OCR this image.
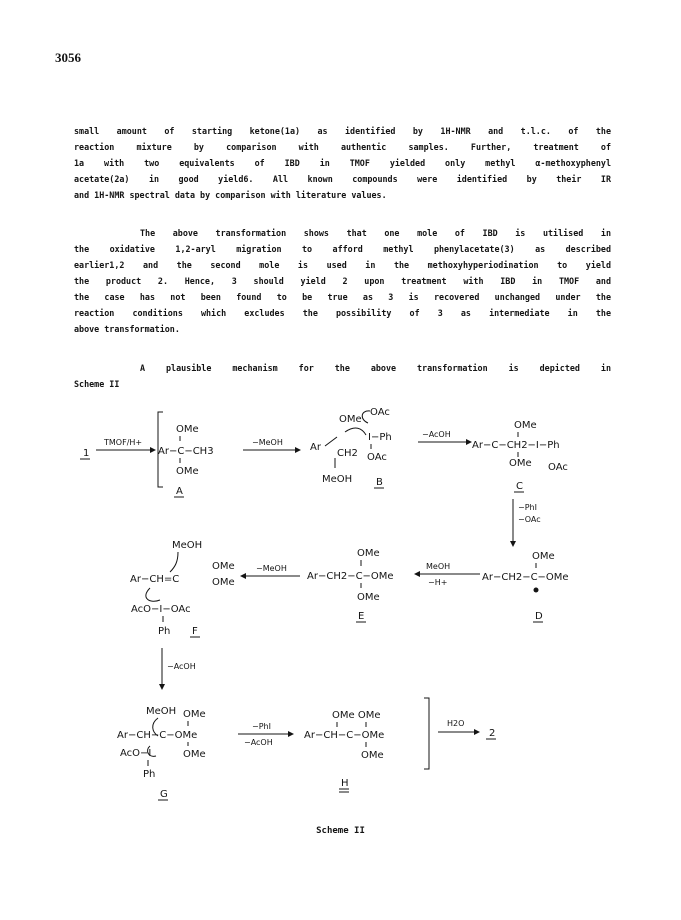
3056
small amount of starting ketone(1a) as identified by 1H-NMR and t.l.c. of the
reaction mixture by comparison with authentic samples. Further, treatment of
1a with two equivalents of IBD in TMOF yielded only methyl α-methoxyphenyl
acetate(2a) in good yield6. All known compounds were identified by their IR
and 1H-NMR spectral data by comparison with literature values.
The above transformation shows that one mole of IBD is utilised in
the oxidative 1,2-aryl migration to afford methyl phenylacetate(3) as described
earlier1,2 and the second mole is used in the methoxyhyperiodination to yield
the product 2. Hence, 3 should yield 2 upon treatment with IBD in TMOF and
the case has not been found to be true as 3 is recovered unchanged under the
reaction conditions which excludes the possibility of 3 as intermediate in the
above transformation.
A plausible mechanism for the above transformation is depicted in
Scheme II
1
TMOF/H+
OMe
Ar−C−CH3
OMe
A
−MeOH
OMe
OAc
I−Ph
Ar
CH2 OAc
MeOH B
−AcOH
OMe
Ar−C−CH2−I−Ph
OMe OAc
C
−PhI
−OAc
MeOH
OMe
OMe
Ar−CH=C
AcO−I−OAc
Ph F
−MeOH
OMe
Ar−CH2−C−OMe
OMe
E
MeOH
−H+
OMe
Ar−CH2−C−OMe
D
−AcOH
MeOH OMe
Ar−CH−C−OMe
AcO−I	OMe
Ph
G
−PhI
−AcOH
OMe OMe
Ar−CH−C−OMe
OMe
H
H2O
2
Scheme II
